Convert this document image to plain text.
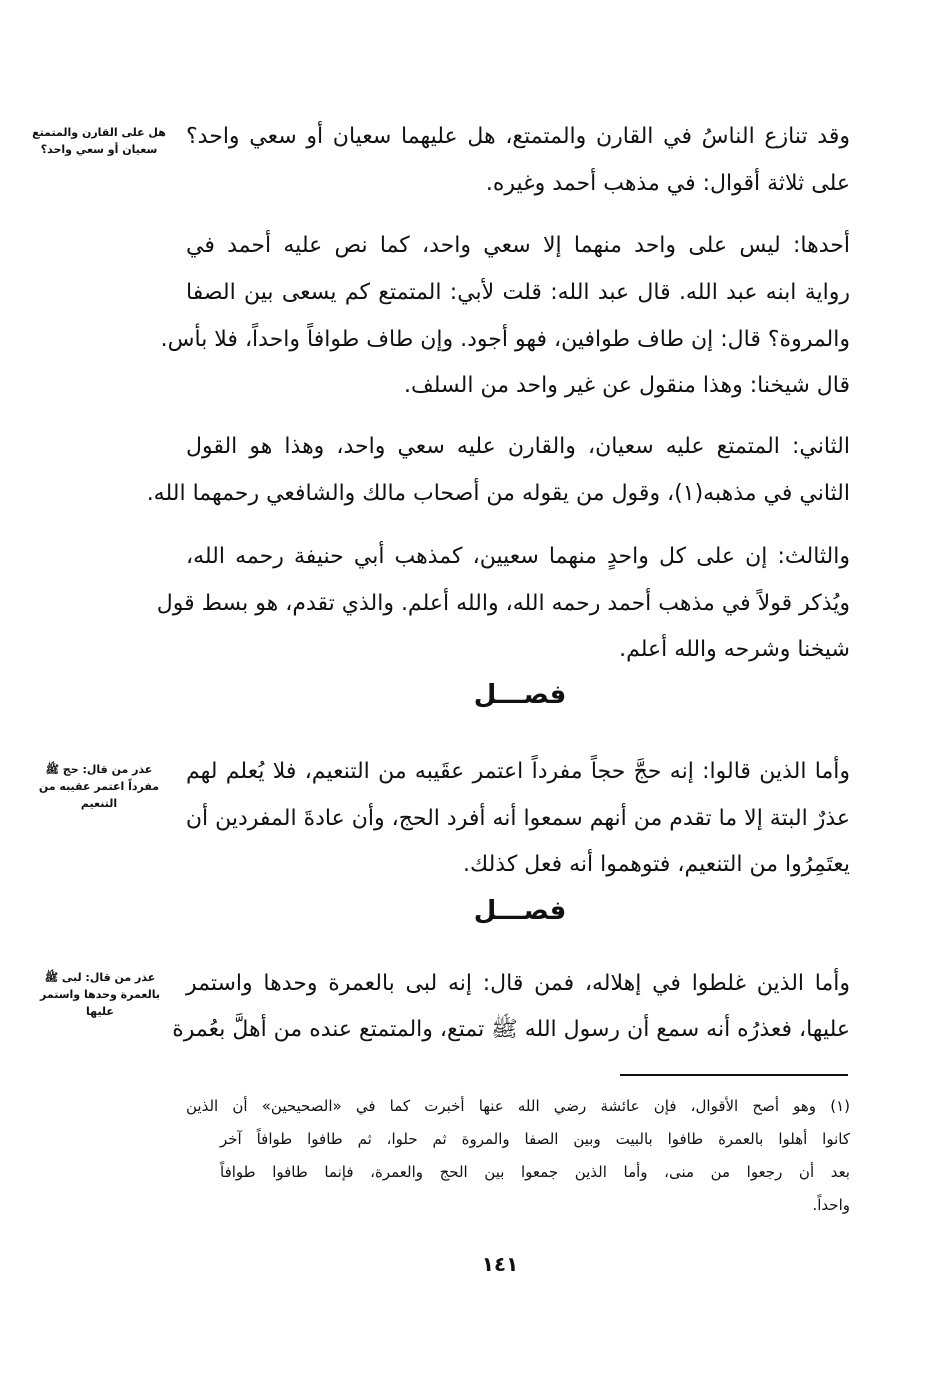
هل على القارن والمتمتع سعيان أو سعي واحد؟
عذر من قال: حج ﷺ مفرداً اعتمر عقيبه من التنعيم
عذر من قال: لبى ﷺ بالعمرة وحدها واستمر عليها
وقد تنازع الناسُ في القارن والمتمتع، هل عليهما سعيان أو سعي واحد؟
على ثلاثة أقوال: في مذهب أحمد وغيره.
أحدها: ليس على واحد منهما إلا سعي واحد، كما نص عليه أحمد في
رواية ابنه عبد الله. قال عبد الله: قلت لأبي: المتمتع كم يسعى بين الصفا
والمروة؟ قال: إن طاف طوافين، فهو أجود. وإن طاف طوافاً واحداً، فلا بأس.
قال شيخنا: وهذا منقول عن غير واحد من السلف.
الثاني: المتمتع عليه سعيان، والقارن عليه سعي واحد، وهذا هو القول
الثاني في مذهبه(١)، وقول من يقوله من أصحاب مالك والشافعي رحمهما الله.
والثالث: إن على كل واحدٍ منهما سعيين، كمذهب أبي حنيفة رحمه الله،
ويُذكر قولاً في مذهب أحمد رحمه الله، والله أعلم. والذي تقدم، هو بسط قول
شيخنا وشرحه والله أعلم.
فصـــل
وأما الذين قالوا: إنه حجَّ حجاً مفرداً اعتمر عقَيبه من التنعيم، فلا يُعلم لهم
عذرٌ البتة إلا ما تقدم من أنهم سمعوا أنه أفرد الحج، وأن عادةَ المفردين أن
يعتَمِرُوا من التنعيم، فتوهموا أنه فعل كذلك.
فصـــل
وأما الذين غلطوا في إهلاله، فمن قال: إنه لبى بالعمرة وحدها واستمر
عليها، فعذرُه أنه سمع أن رسول الله ﷺ تمتع، والمتمتع عنده من أهلَّ بعُمرة
(١) وهو أصح الأقوال، فإن عائشة رضي الله عنها أخبرت كما في «الصحيحين» أن الذين
كانوا أهلوا بالعمرة طافوا بالبيت وبين الصفا والمروة ثم حلوا، ثم طافوا طوافاً آخر
بعد أن رجعوا من منى، وأما الذين جمعوا بين الحج والعمرة، فإنما طافوا طوافاً
واحداً.
١٤١
